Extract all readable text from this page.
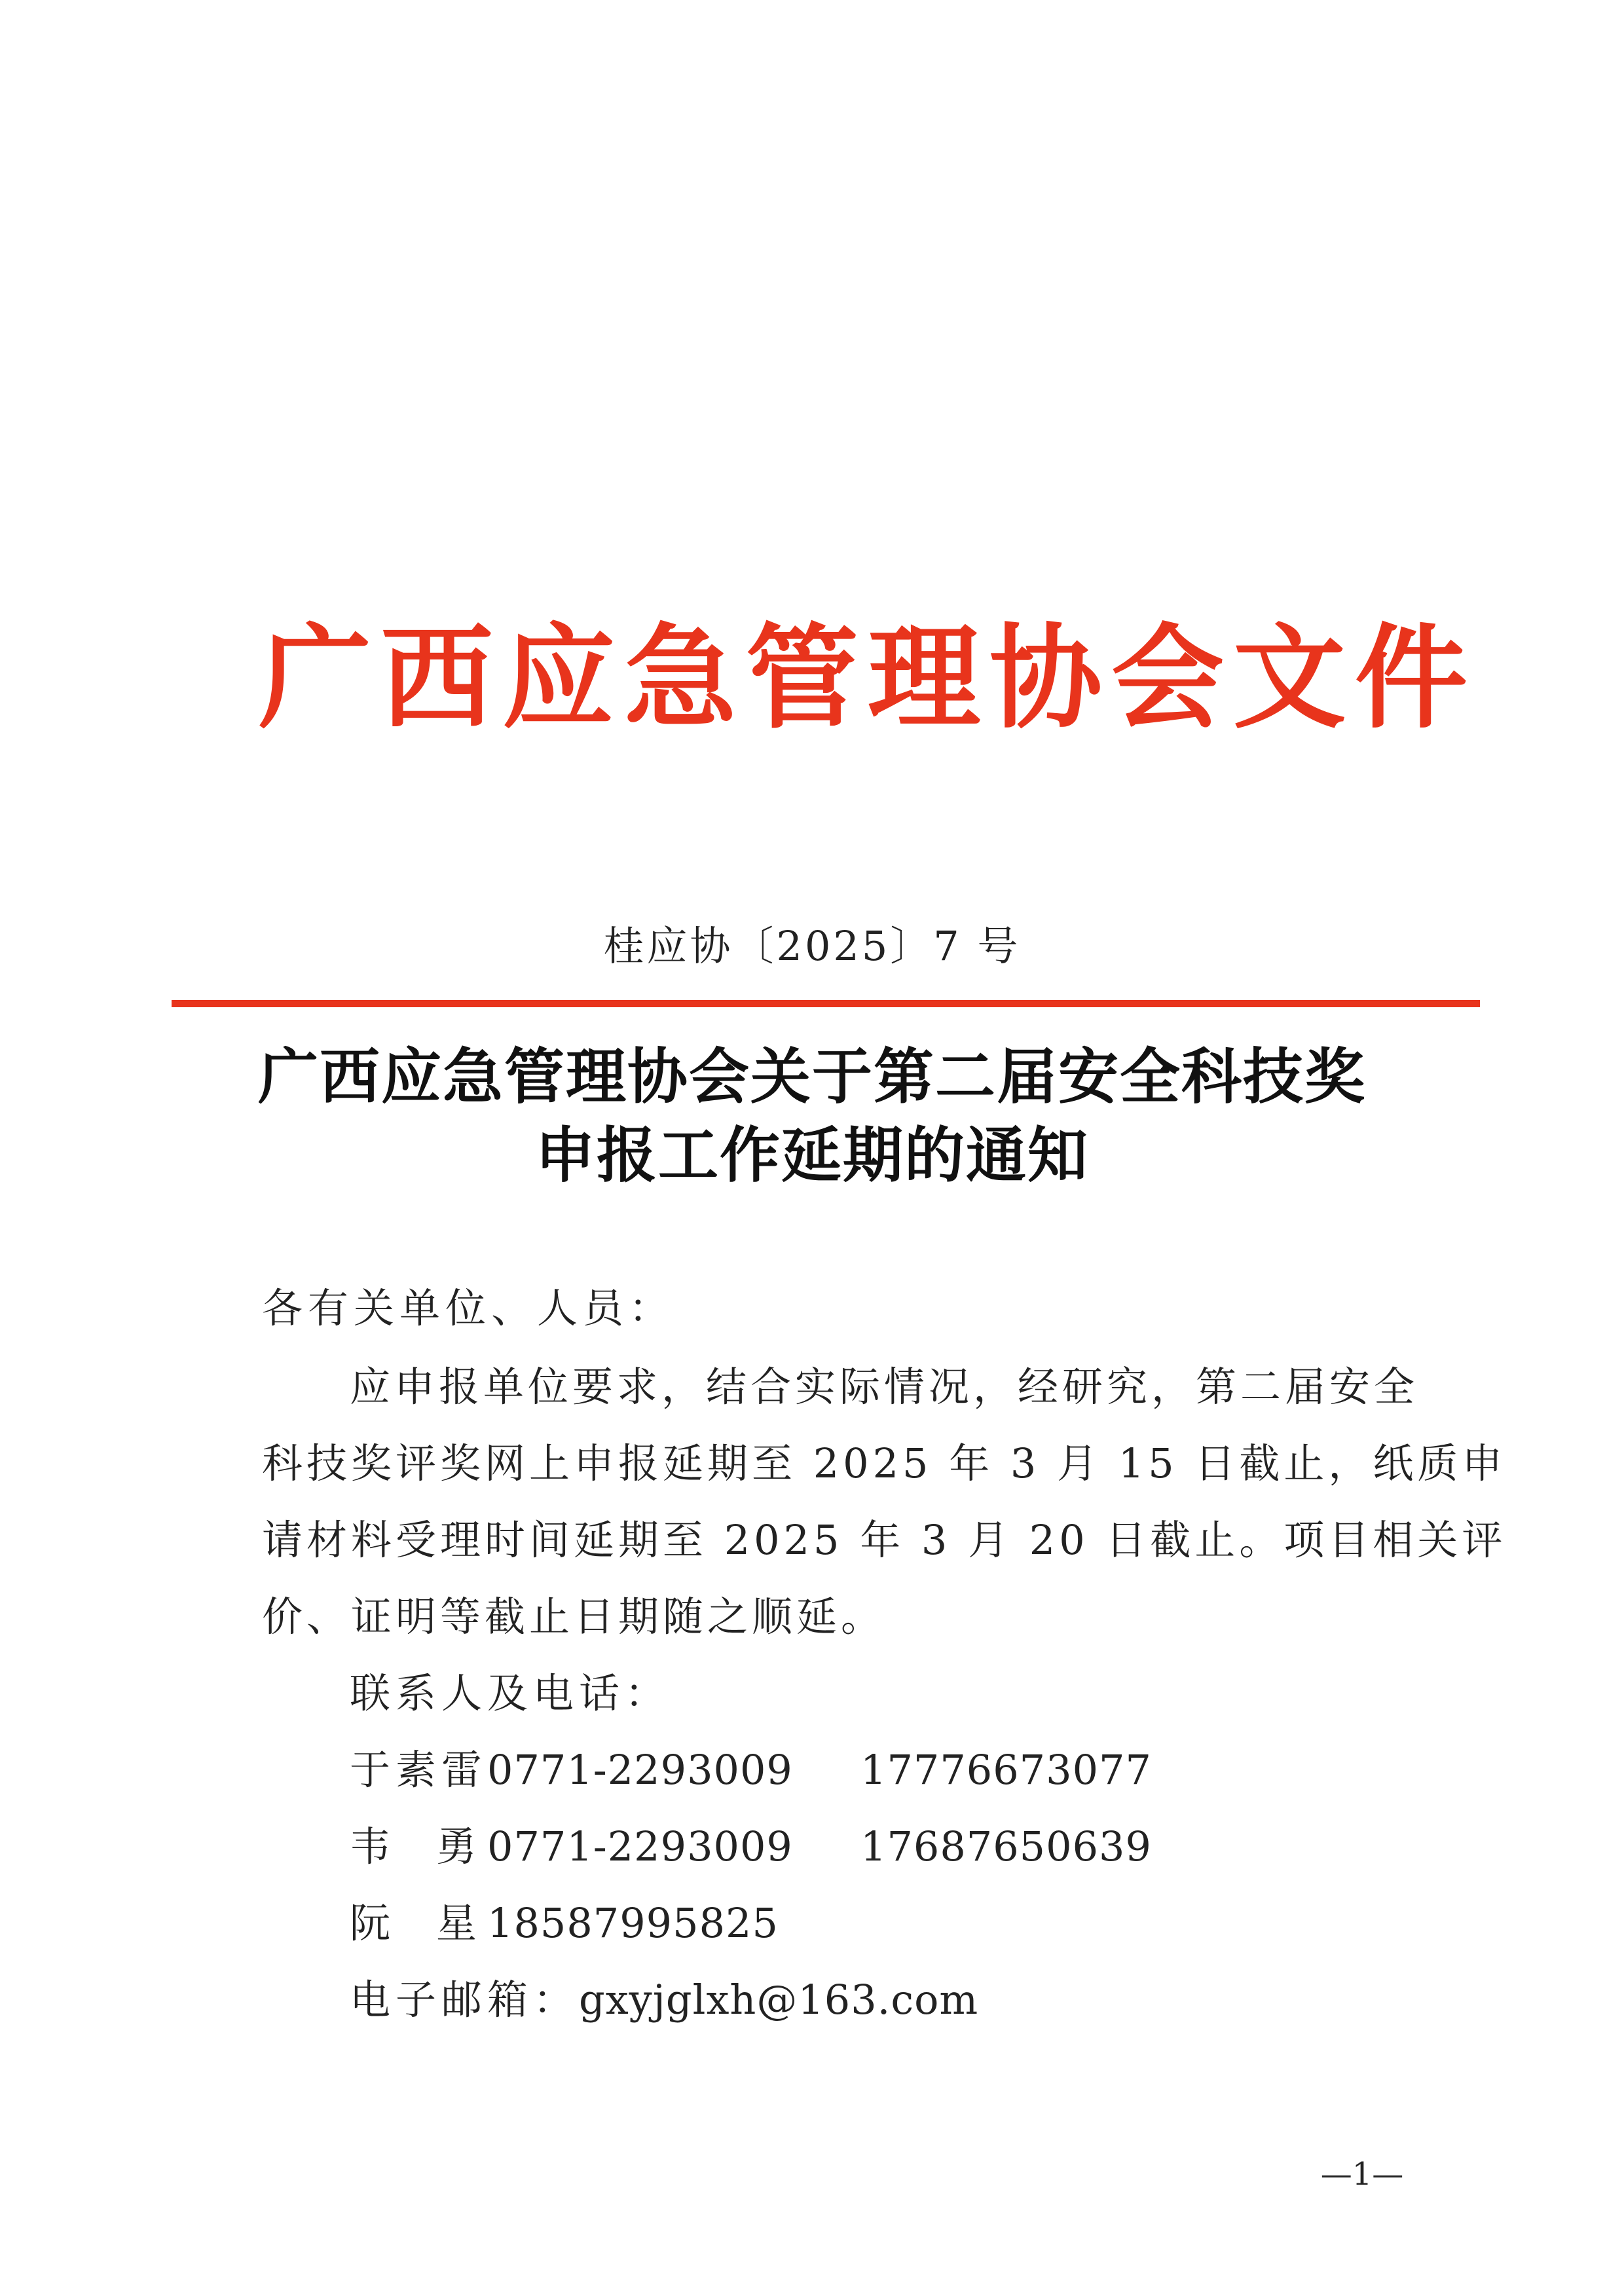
广西应急管理协会文件
桂应协〔2025〕7 号
广西应急管理协会关于第二届安全科技奖
申报工作延期的通知
各有关单位、人员：
应申报单位要求，结合实际情况，经研究，第二届安全
科技奖评奖网上申报延期至 2025 年 3 月 15 日截止，纸质申
请材料受理时间延期至 2025 年 3 月 20 日截止。项目相关评
价、证明等截止日期随之顺延。
联系人及电话：
于素雷 0771-2293009 17776673077
韦勇
0771-2293009 17687650639
阮星
18587995825
电子邮箱：gxyjglxh@163.com
—1—
